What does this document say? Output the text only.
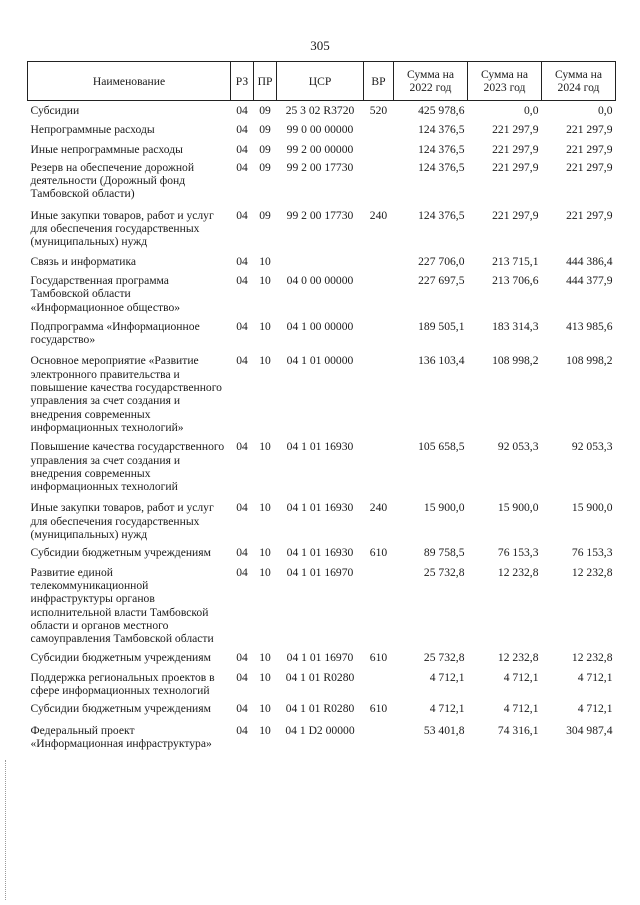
305
Наименование	РЗ	ПР	ЦСР	ВР	Сумма на 2022 год	Сумма на 2023 год	Сумма на 2024 год
Субсидии	04	09	25 3 02 R3720	520	425 978,6	0,0	0,0
Непрограммные расходы	04	09	99 0 00 00000		124 376,5	221 297,9	221 297,9
Иные непрограммные расходы	04	09	99 2 00 00000		124 376,5	221 297,9	221 297,9
Резерв на обеспечение дорожной деятельности (Дорожный фонд Тамбовской области)	04	09	99 2 00 17730		124 376,5	221 297,9	221 297,9
Иные закупки товаров, работ и услуг для обеспечения государственных (муниципальных) нужд	04	09	99 2 00 17730	240	124 376,5	221 297,9	221 297,9
Связь и информатика	04	10			227 706,0	213 715,1	444 386,4
Государственная программа Тамбовской области «Информационное общество»	04	10	04 0 00 00000		227 697,5	213 706,6	444 377,9
Подпрограмма «Информационное государство»	04	10	04 1 00 00000		189 505,1	183 314,3	413 985,6
Основное мероприятие «Развитие электронного правительства и повышение качества государственного управления за счет создания и внедрения современных информационных технологий»	04	10	04 1 01 00000		136 103,4	108 998,2	108 998,2
Повышение качества государственного управления за счет создания и внедрения современных информационных технологий	04	10	04 1 01 16930		105 658,5	92 053,3	92 053,3
Иные закупки товаров, работ и услуг для обеспечения государственных (муниципальных) нужд	04	10	04 1 01 16930	240	15 900,0	15 900,0	15 900,0
Субсидии бюджетным учреждениям	04	10	04 1 01 16930	610	89 758,5	76 153,3	76 153,3
Развитие единой телекоммуникационной инфраструктуры органов исполнительной власти Тамбовской области и органов местного самоуправления Тамбовской области	04	10	04 1 01 16970		25 732,8	12 232,8	12 232,8
Субсидии бюджетным учреждениям	04	10	04 1 01 16970	610	25 732,8	12 232,8	12 232,8
Поддержка региональных проектов в сфере информационных технологий	04	10	04 1 01 R0280		4 712,1	4 712,1	4 712,1
Субсидии бюджетным учреждениям	04	10	04 1 01 R0280	610	4 712,1	4 712,1	4 712,1
Федеральный проект «Информационная инфраструктура»	04	10	04 1 D2 00000		53 401,8	74 316,1	304 987,4
